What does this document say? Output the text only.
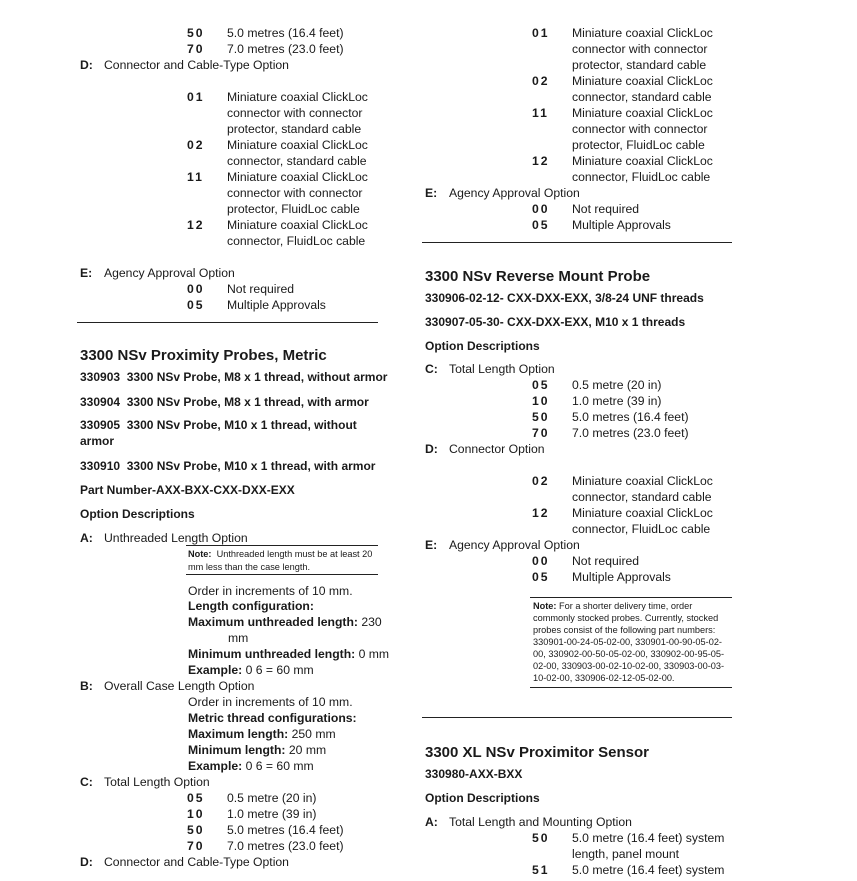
50 5.0 metres (16.4 feet)
70 7.0 metres (23.0 feet)
D: Connector and Cable-Type Option
01 Miniature coaxial ClickLoc
connector with connector
protector, standard cable
02 Miniature coaxial ClickLoc
connector, standard cable
11 Miniature coaxial ClickLoc
connector with connector
protector, FluidLoc cable
12 Miniature coaxial ClickLoc
connector, FluidLoc cable
E: Agency Approval Option
00 Not required
05 Multiple Approvals
3300 NSv Proximity Probes, Metric
330903 3300 NSv Probe, M8 x 1 thread, without armor
330904 3300 NSv Probe, M8 x 1 thread, with armor
330905 3300 NSv Probe, M10 x 1 thread, without
armor
330910 3300 NSv Probe, M10 x 1 thread, with armor
Part Number-AXX-BXX-CXX-DXX-EXX
Option Descriptions
A: Unthreaded Length Option
Note: Unthreaded length must be at least 20
mm less than the case length.
Order in increments of 10 mm.
Length configuration:
Maximum unthreaded length: 230
mm
Minimum unthreaded length: 0 mm
Example: 0 6 = 60 mm
B: Overall Case Length Option
Order in increments of 10 mm.
Metric thread configurations:
Maximum length: 250 mm
Minimum length: 20 mm
Example: 0 6 = 60 mm
C: Total Length Option
05 0.5 metre (20 in)
10 1.0 metre (39 in)
50 5.0 metres (16.4 feet)
70 7.0 metres (23.0 feet)
D: Connector and Cable-Type Option
01 Miniature coaxial ClickLoc
connector with connector
protector, standard cable
02 Miniature coaxial ClickLoc
connector, standard cable
11 Miniature coaxial ClickLoc
connector with connector
protector, FluidLoc cable
12 Miniature coaxial ClickLoc
connector, FluidLoc cable
E: Agency Approval Option
00 Not required
05 Multiple Approvals
3300 NSv Reverse Mount Probe
330906-02-12- CXX-DXX-EXX, 3/8-24 UNF threads
330907-05-30- CXX-DXX-EXX, M10 x 1 threads
Option Descriptions
C: Total Length Option
05 0.5 metre (20 in)
10 1.0 metre (39 in)
50 5.0 metres (16.4 feet)
70 7.0 metres (23.0 feet)
D: Connector Option
02 Miniature coaxial ClickLoc
connector, standard cable
12 Miniature coaxial ClickLoc
connector, FluidLoc cable
E: Agency Approval Option
00 Not required
05 Multiple Approvals
Note: For a shorter delivery time, order
commonly stocked probes. Currently, stocked
probes consist of the following part numbers:
330901-00-24-05-02-00, 330901-00-90-05-02-
00, 330902-00-50-05-02-00, 330902-00-95-05-
02-00, 330903-00-02-10-02-00, 330903-00-03-
10-02-00, 330906-02-12-05-02-00.
3300 XL NSv Proximitor Sensor
330980-AXX-BXX
Option Descriptions
A: Total Length and Mounting Option
50 5.0 metre (16.4 feet) system
length, panel mount
51 5.0 metre (16.4 feet) system
